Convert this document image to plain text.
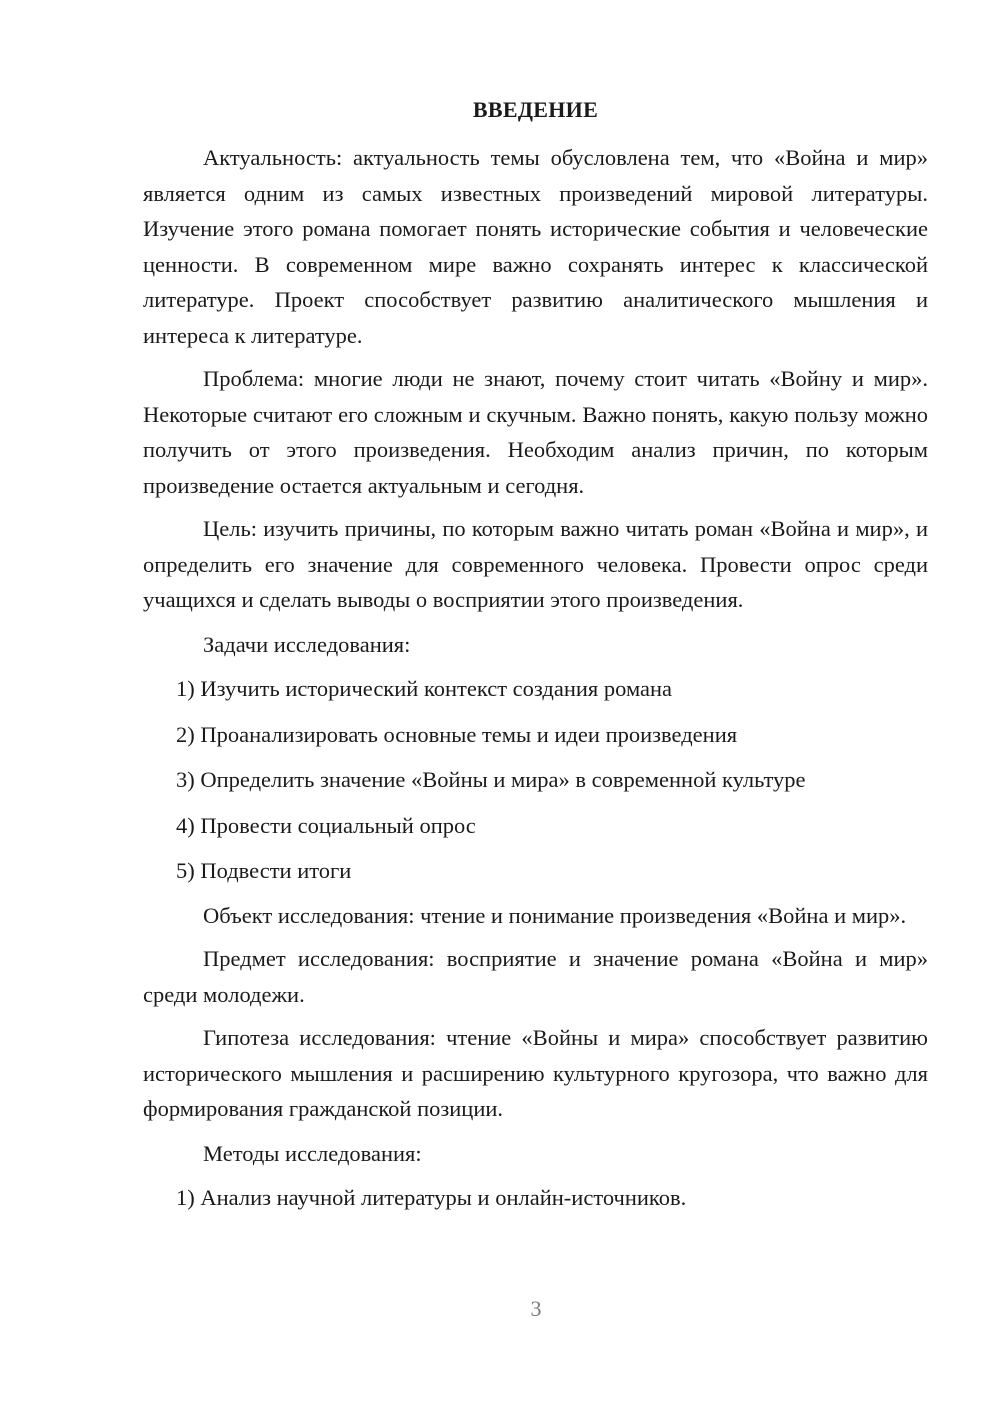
ВВЕДЕНИЕ

Актуальность: актуальность темы обусловлена тем, что «Война и мир» является одним из самых известных произведений мировой литературы. Изучение этого романа помогает понять исторические события и человеческие ценности. В современном мире важно сохранять интерес к классической литературе. Проект способствует развитию аналитического мышления и интереса к литературе.

Проблема: многие люди не знают, почему стоит читать «Войну и мир». Некоторые считают его сложным и скучным. Важно понять, какую пользу можно получить от этого произведения. Необходим анализ причин, по которым произведение остается актуальным и сегодня.

Цель: изучить причины, по которым важно читать роман «Война и мир», и определить его значение для современного человека. Провести опрос среди учащихся и сделать выводы о восприятии этого произведения.

Задачи исследования:
1) Изучить исторический контекст создания романа
2) Проанализировать основные темы и идеи произведения
3) Определить значение «Войны и мира» в современной культуре
4) Провести социальный опрос
5) Подвести итоги

Объект исследования: чтение и понимание произведения «Война и мир».

Предмет исследования: восприятие и значение романа «Война и мир» среди молодежи.

Гипотеза исследования: чтение «Войны и мира» способствует развитию исторического мышления и расширению культурного кругозора, что важно для формирования гражданской позиции.

Методы исследования:
1) Анализ научной литературы и онлайн-источников.
3
